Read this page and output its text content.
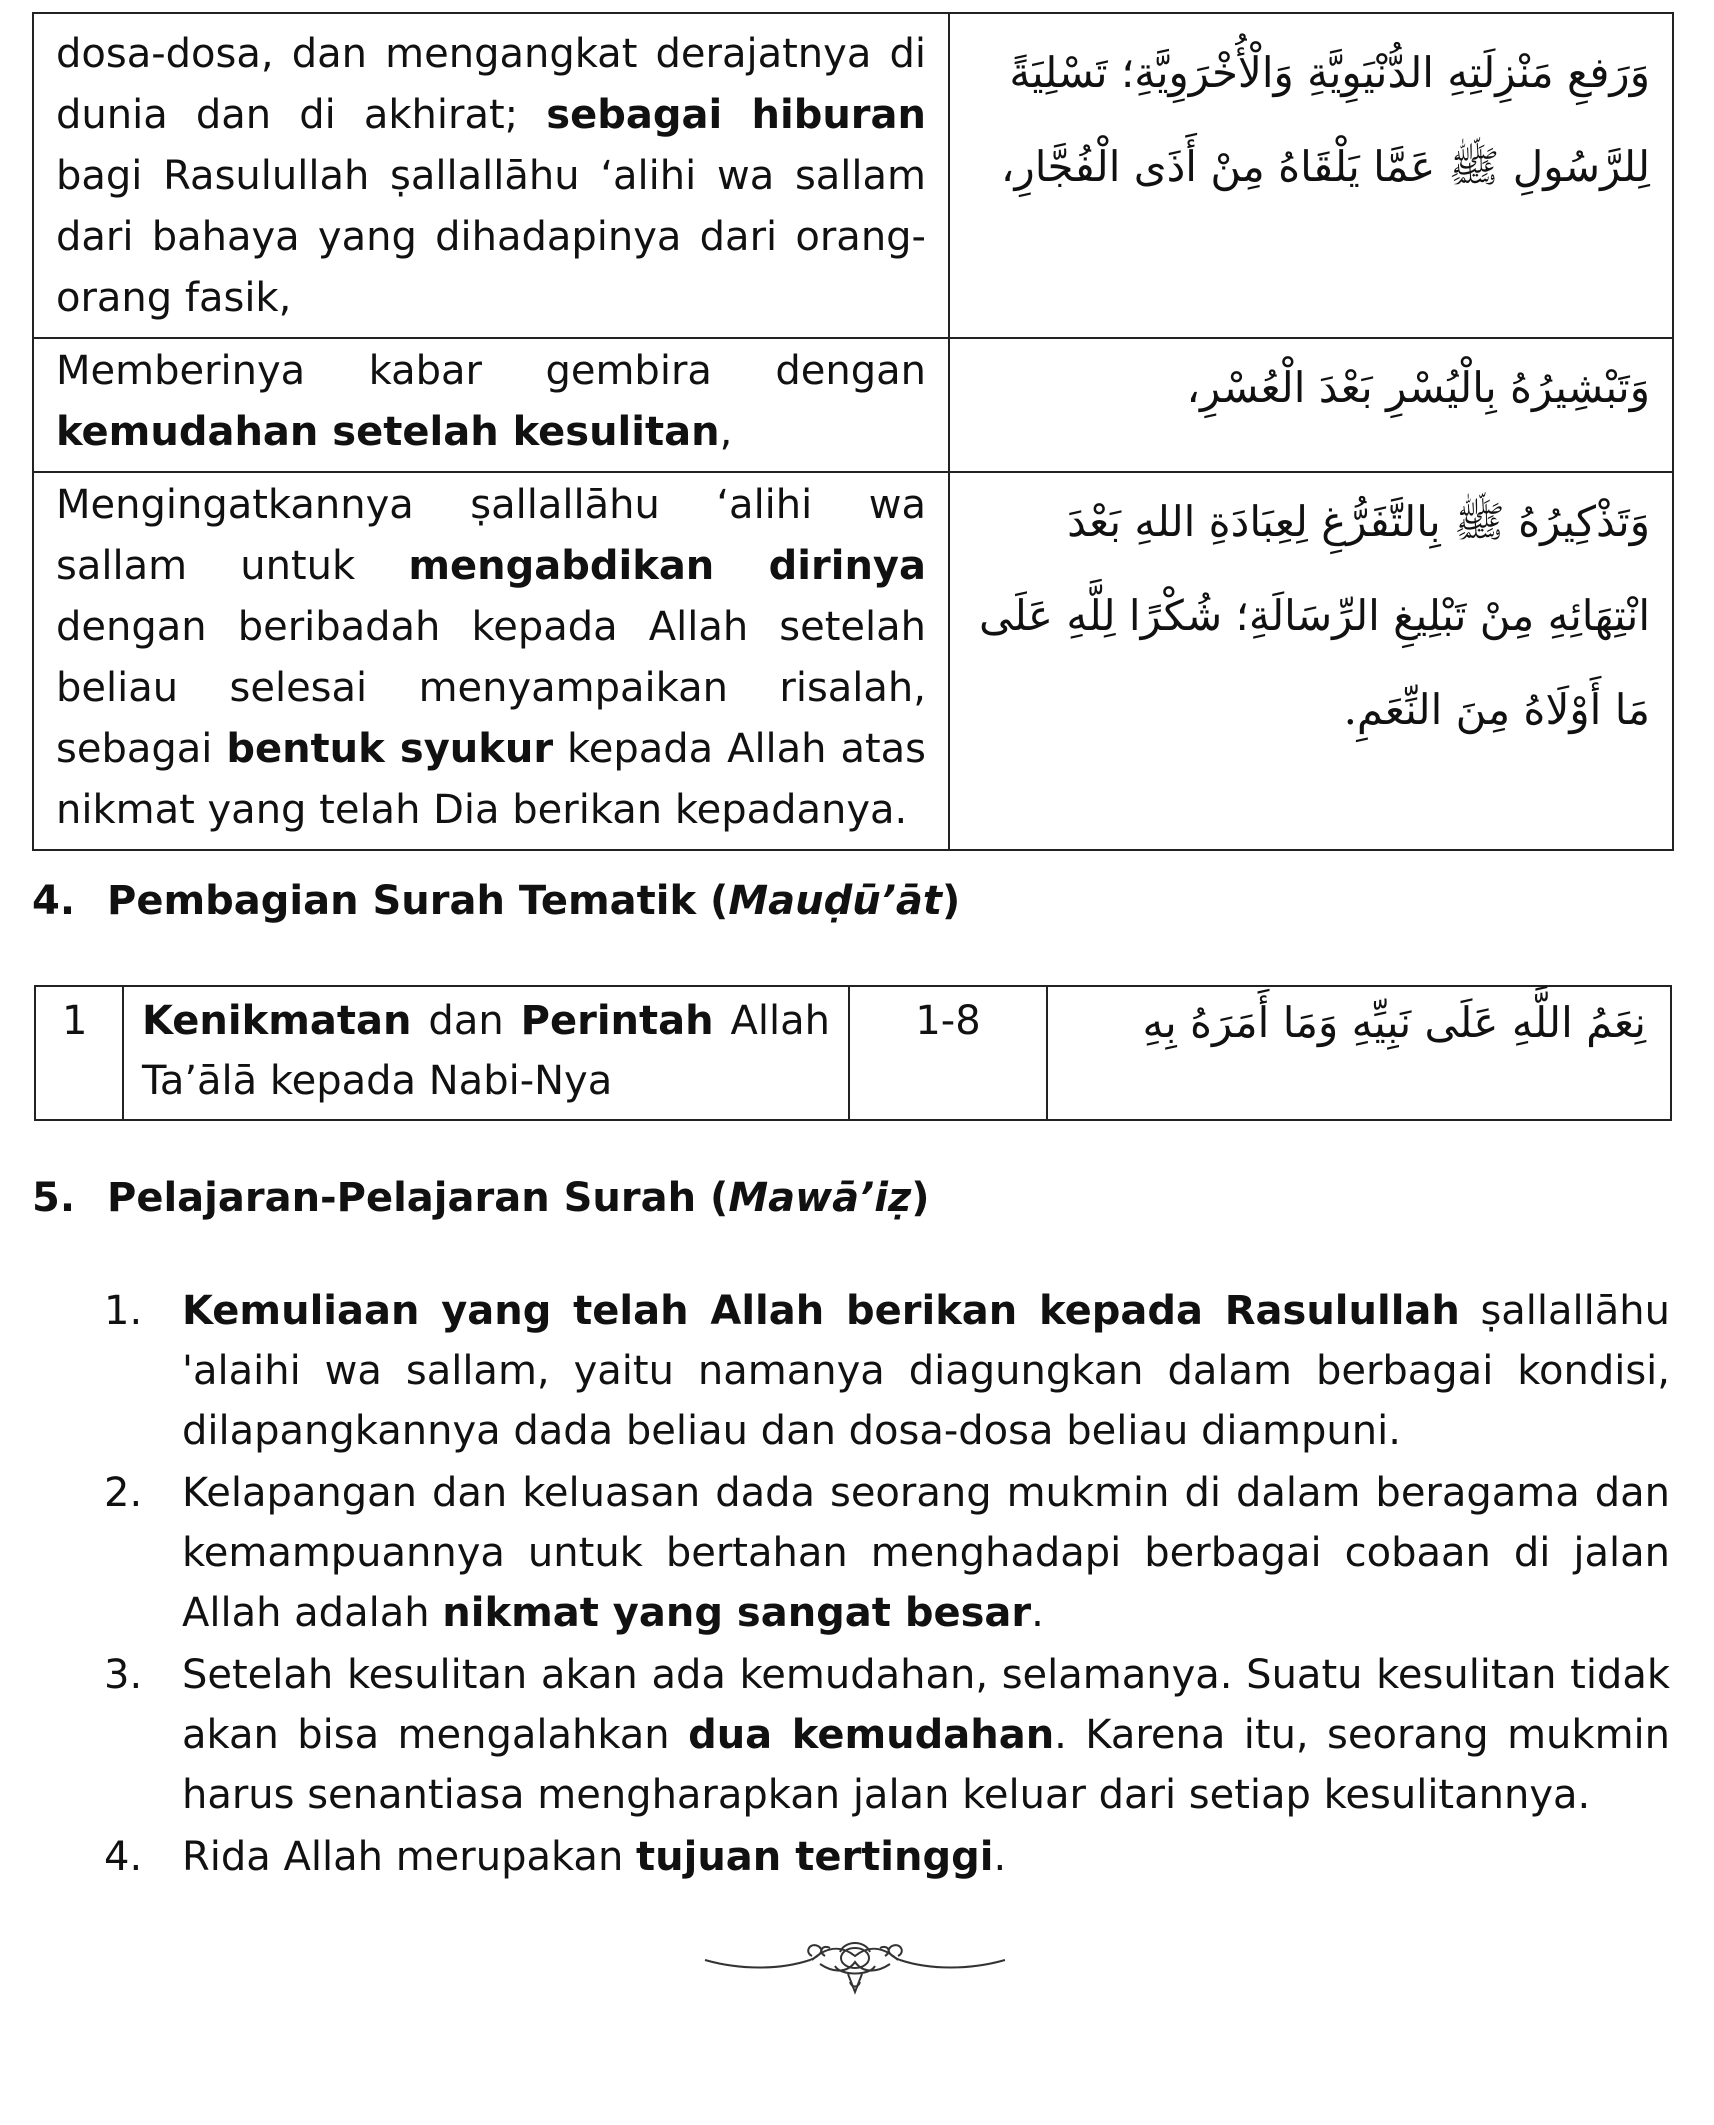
dosa-dosa, dan mengangkat derajatnya di dunia dan di akhirat; sebagai hiburan bagi Rasulullah ṣallallāhu ‘alihi wa sallam dari bahaya yang dihadapinya dari orang-orang fasik,	وَرَفعِ مَنْزِلَتِهِ الدُّنْيَوِيَّةِ وَالْأُخْرَوِيَّةِ؛ تَسْلِيَةً لِلرَّسُولِ ﷺ عَمَّا يَلْقَاهُ مِنْ أَذَى الْفُجَّارِ،
Memberinya kabar gembira dengan kemudahan setelah kesulitan,	وَتَبْشِيرُهُ بِالْيُسْرِ بَعْدَ الْعُسْرِ،
Mengingatkannya ṣallallāhu ‘alihi wa sallam untuk mengabdikan dirinya dengan beribadah kepada Allah setelah beliau selesai menyampaikan risalah, sebagai bentuk syukur kepada Allah atas nikmat yang telah Dia berikan kepadanya.	وَتَذْكِيرُهُ ﷺ بِالتَّفَرُّغِ لِعِبَادَةِ اللهِ بَعْدَ انْتِهَائِهِ مِنْ تَبْلِيغِ الرِّسَالَةِ؛ شُكْرًا لِلَّهِ عَلَى مَا أَوْلَاهُ مِنَ النِّعَمِ.
4. Pembagian Surah Tematik (Mauḍū’āt)
1	Kenikmatan dan Perintah Allah Ta’ālā kepada Nabi-Nya	1-8	نِعَمُ اللَّهِ عَلَى نَبِيِّهِ وَمَا أَمَرَهُ بِهِ
5. Pelajaran-Pelajaran Surah (Mawā’iẓ)
1. Kemuliaan yang telah Allah berikan kepada Rasulullah ṣallallāhu 'alaihi wa sallam, yaitu namanya diagungkan dalam berbagai kondisi, dilapangkannya dada beliau dan dosa-dosa beliau diampuni.
2. Kelapangan dan keluasan dada seorang mukmin di dalam beragama dan kemampuannya untuk bertahan menghadapi berbagai cobaan di jalan Allah adalah nikmat yang sangat besar.
3. Setelah kesulitan akan ada kemudahan, selamanya. Suatu kesulitan tidak akan bisa mengalahkan dua kemudahan. Karena itu, seorang mukmin harus senantiasa mengharapkan jalan keluar dari setiap kesulitannya.
4. Rida Allah merupakan tujuan tertinggi.
